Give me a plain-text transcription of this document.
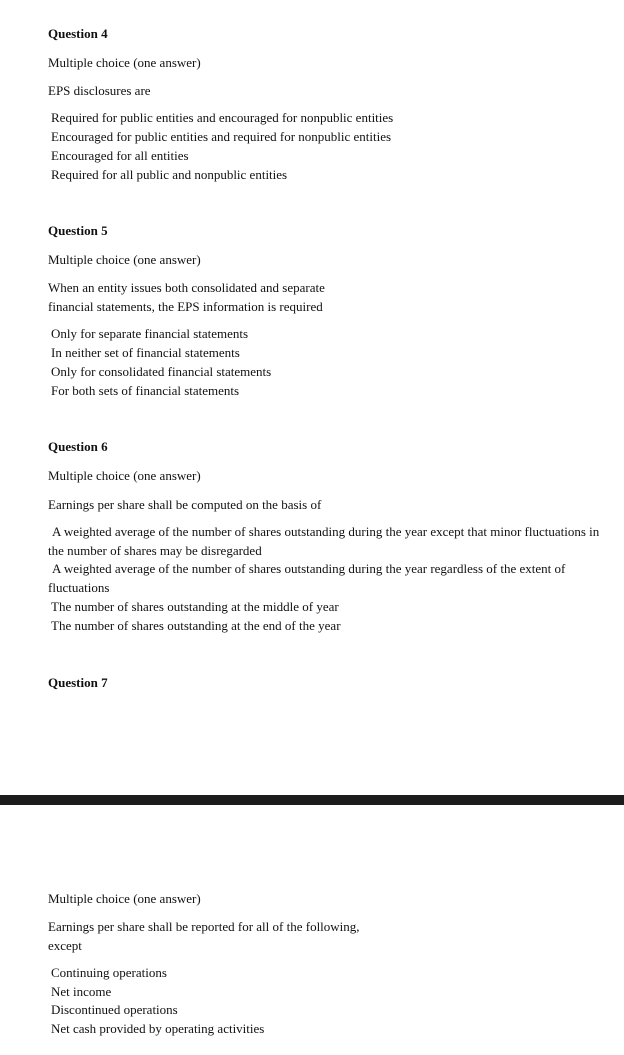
Question 4
Multiple choice (one answer)
EPS disclosures are
Required for public entities and encouraged for nonpublic entities
Encouraged for public entities and required for nonpublic entities
Encouraged for all entities
Required for all public and nonpublic entities
Question 5
Multiple choice (one answer)
When an entity issues both consolidated and separate
financial statements, the EPS information is required
Only for separate financial statements
In neither set of financial statements
Only for consolidated financial statements
For both sets of financial statements
Question 6
Multiple choice (one answer)
Earnings per share shall be computed on the basis of
A weighted average of the number of shares outstanding during the year except that minor fluctuations in the number of shares may be disregarded
A weighted average of the number of shares outstanding during the year regardless of the extent of fluctuations
The number of shares outstanding at the middle of year
The number of shares outstanding at the end of the year
Question 7
Multiple choice (one answer)
Earnings per share shall be reported for all of the following,
except
Continuing operations
Net income
Discontinued operations
Net cash provided by operating activities
